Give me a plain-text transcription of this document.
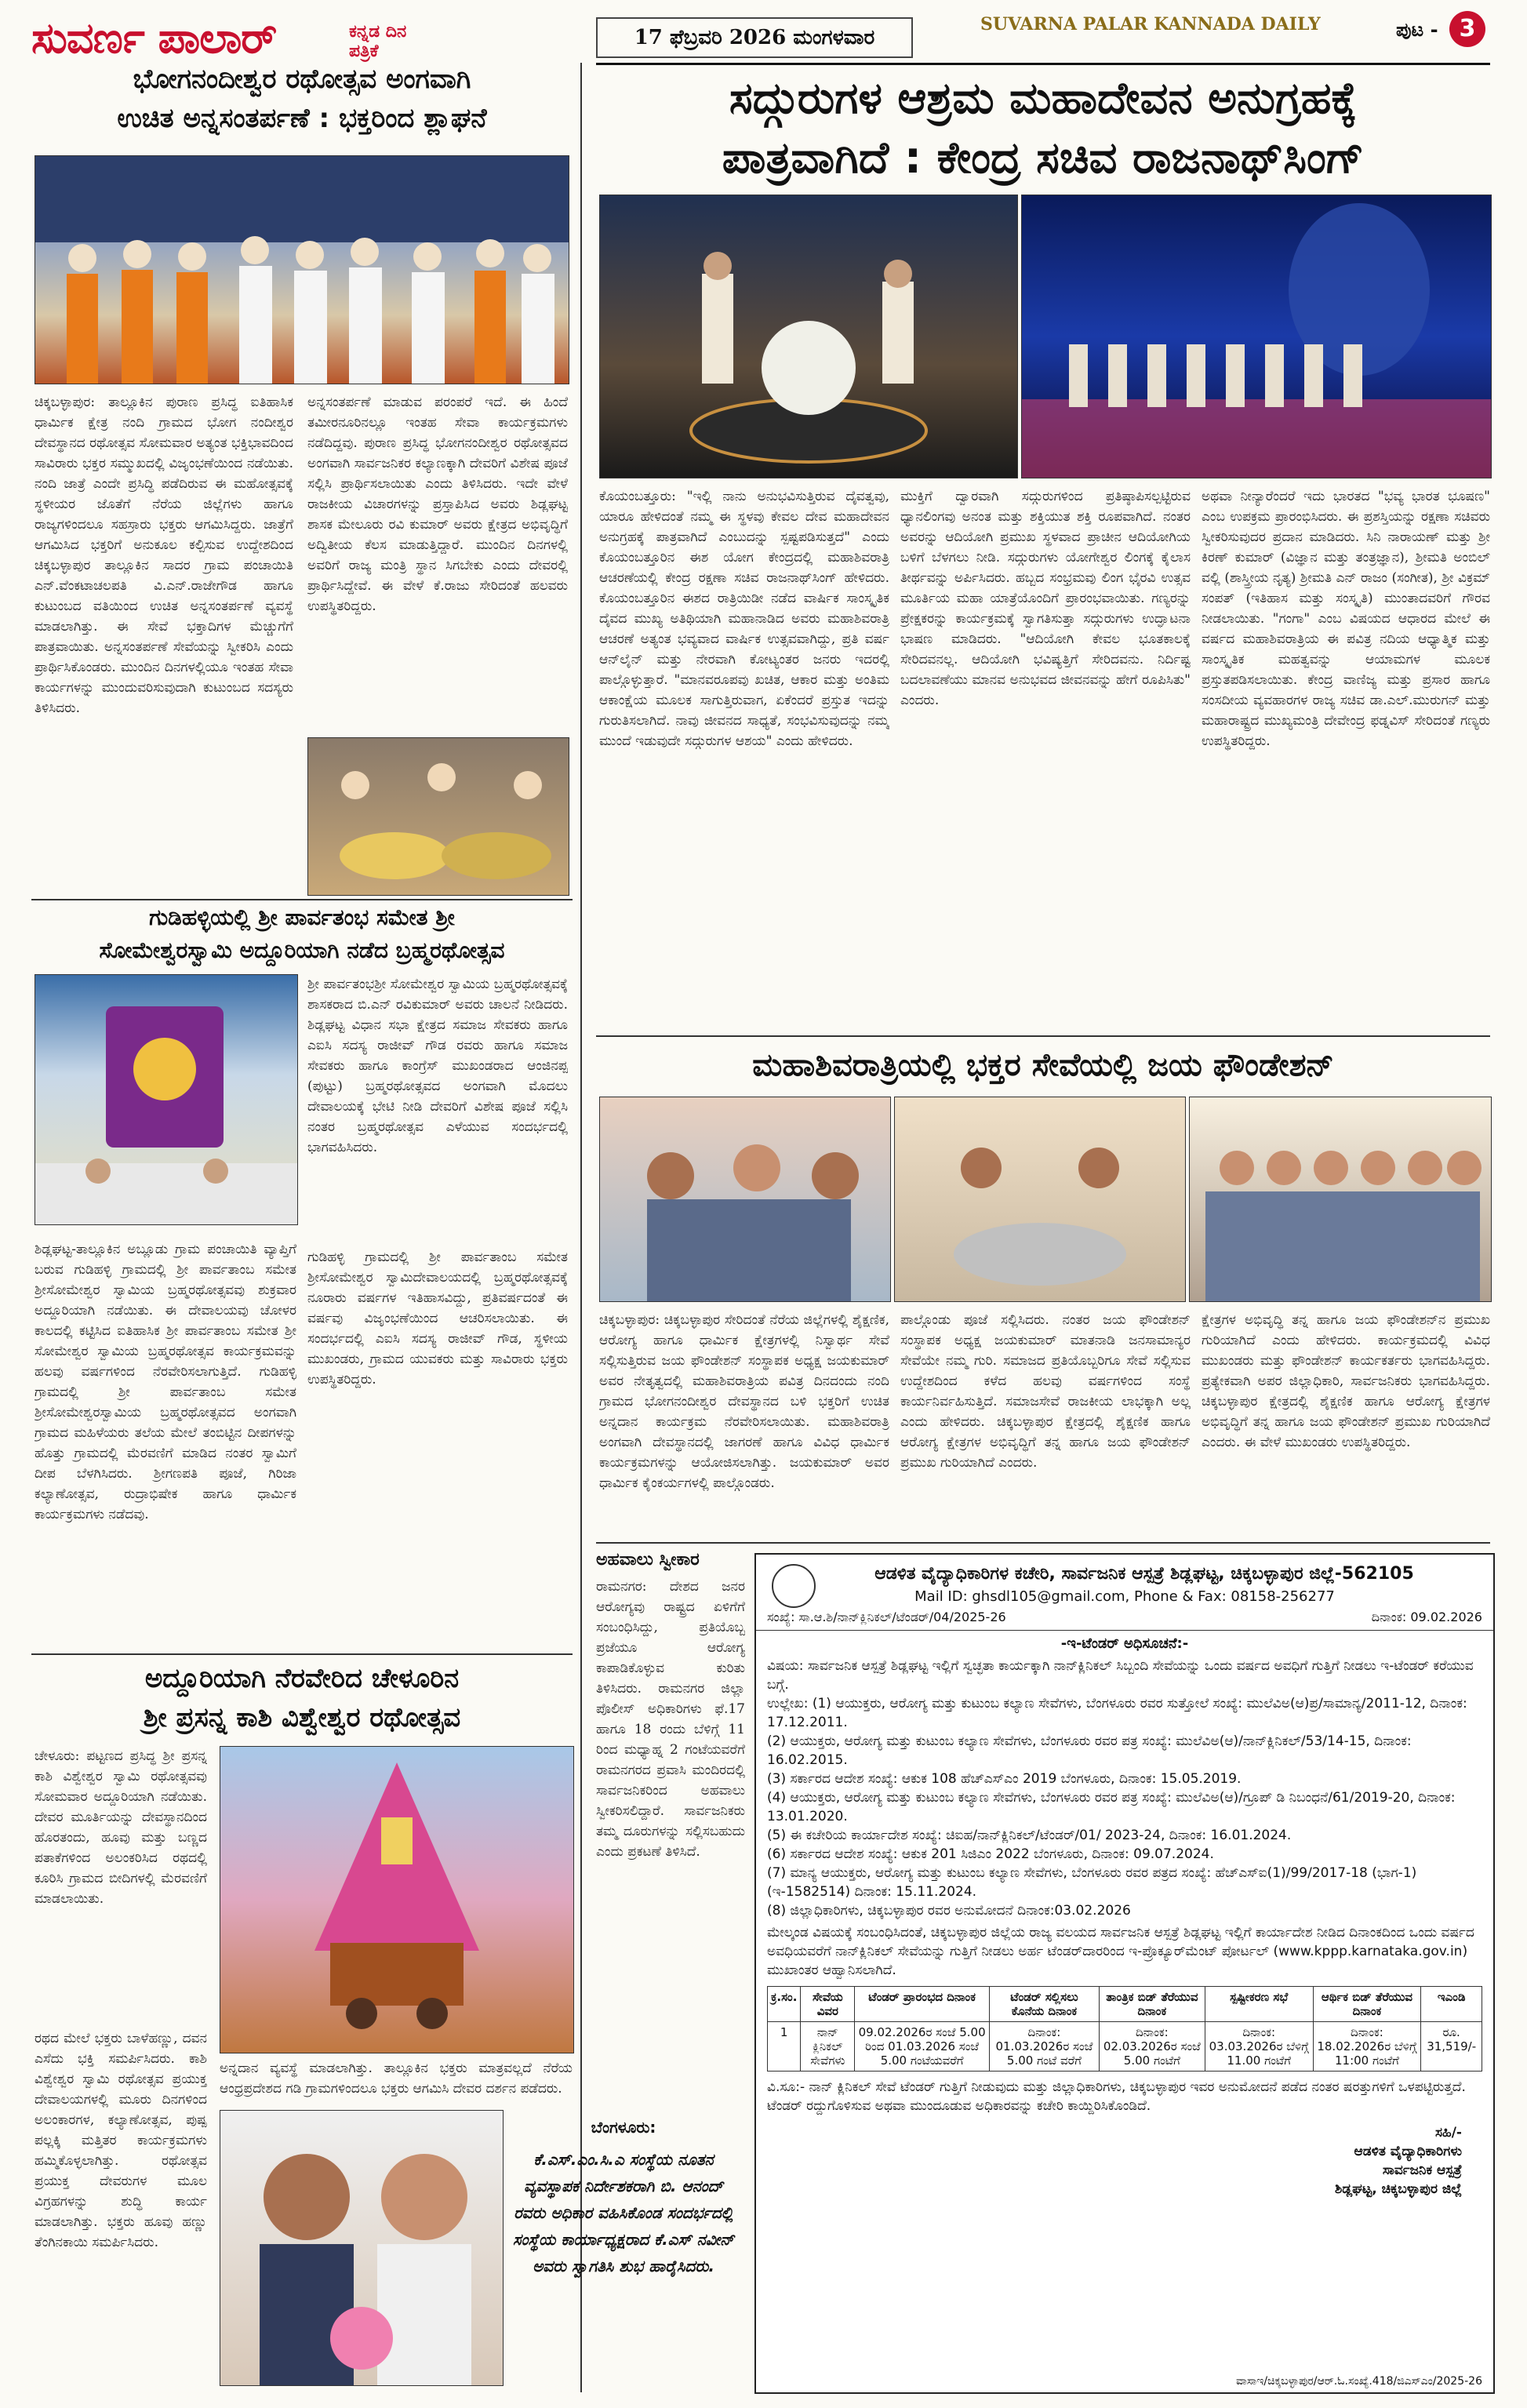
ಸುವರ್ಣ ಪಾಲಾರ್	ಕನ್ನಡ ದಿನ ಪತ್ರಿಕೆ
17 ಫೆಬ್ರವರಿ 2026 ಮಂಗಳವಾರ
SUVARNA PALAR KANNADA DAILY	ಪುಟ - 3
ಭೋಗನಂದೀಶ್ವರ ರಥೋತ್ಸವ ಅಂಗವಾಗಿ
ಉಚಿತ ಅನ್ನಸಂತರ್ಪಣೆ : ಭಕ್ತರಿಂದ ಶ್ಲಾಘನೆ
ಚಿಕ್ಕಬಳ್ಳಾಪುರ: ತಾಲ್ಲೂಕಿನ ಪುರಾಣ ಪ್ರಸಿದ್ಧ ಐತಿಹಾಸಿಕ ಧಾರ್ಮಿಕ ಕ್ಷೇತ್ರ ನಂದಿ ಗ್ರಾಮದ ಭೋಗ ನಂದೀಶ್ವರ ದೇವಸ್ಥಾನದ ರಥೋತ್ಸವ ಸೋಮವಾರ ಅತ್ಯಂತ ಭಕ್ತಿಭಾವದಿಂದ ಸಾವಿರಾರು ಭಕ್ತರ ಸಮ್ಮುಖದಲ್ಲಿ ವಿಜೃಂಭಣೆಯಿಂದ ನಡೆಯಿತು. ನಂದಿ ಜಾತ್ರೆ ಎಂದೇ ಪ್ರಸಿದ್ಧಿ ಪಡೆದಿರುವ ಈ ಮಹೋತ್ಸವಕ್ಕೆ ಸ್ಥಳೀಯರ ಜೊತೆಗೆ ನೆರೆಯ ಜಿಲ್ಲೆಗಳು ಹಾಗೂ ರಾಜ್ಯಗಳಿಂದಲೂ ಸಹಸ್ರಾರು ಭಕ್ತರು ಆಗಮಿಸಿದ್ದರು. ಜಾತ್ರೆಗೆ ಆಗಮಿಸಿದ ಭಕ್ತರಿಗೆ ಅನುಕೂಲ ಕಲ್ಪಿಸುವ ಉದ್ದೇಶದಿಂದ ಚಿಕ್ಕಬಳ್ಳಾಪುರ ತಾಲ್ಲೂಕಿನ ಸಾದರ ಗ್ರಾಮ ಪಂಚಾಯಿತಿ ಎನ್.ವೆಂಕಟಾಚಲಪತಿ ವಿ.ಎನ್.ರಾಜೇಗೌಡ ಹಾಗೂ ಕುಟುಂಬದ ವತಿಯಿಂದ ಉಚಿತ ಅನ್ನಸಂತರ್ಪಣೆ ವ್ಯವಸ್ಥೆ ಮಾಡಲಾಗಿತ್ತು. ಈ ಸೇವೆ ಭಕ್ತಾದಿಗಳ ಮೆಚ್ಚುಗೆಗೆ ಪಾತ್ರವಾಯಿತು. ಅನ್ನಸಂತರ್ಪಣೆ ಸೇವೆಯನ್ನು ಸ್ವೀಕರಿಸಿ ಎಂದು ಪ್ರಾರ್ಥಿಸಿಕೊಂಡರು. ಮುಂದಿನ ದಿನಗಳಲ್ಲಿಯೂ ಇಂತಹ ಸೇವಾ ಕಾರ್ಯಗಳನ್ನು ಮುಂದುವರಿಸುವುದಾಗಿ ಕುಟುಂಬದ ಸದಸ್ಯರು ತಿಳಿಸಿದರು.
ಅನ್ನಸಂತರ್ಪಣೆ ಮಾಡುವ ಪರಂಪರೆ ಇದೆ. ಈ ಹಿಂದೆ ತಮೀರನೂರಿನಲ್ಲೂ ಇಂತಹ ಸೇವಾ ಕಾರ್ಯಕ್ರಮಗಳು ನಡೆದಿದ್ದವು. ಪುರಾಣ ಪ್ರಸಿದ್ಧ ಭೋಗನಂದೀಶ್ವರ ರಥೋತ್ಸವದ ಅಂಗವಾಗಿ ಸಾರ್ವಜನಿಕರ ಕಲ್ಯಾಣಕ್ಕಾಗಿ ದೇವರಿಗೆ ವಿಶೇಷ ಪೂಜೆ ಸಲ್ಲಿಸಿ ಪ್ರಾರ್ಥಿಸಲಾಯಿತು ಎಂದು ತಿಳಿಸಿದರು. ಇದೇ ವೇಳೆ ರಾಜಕೀಯ ವಿಚಾರಗಳನ್ನು ಪ್ರಸ್ತಾಪಿಸಿದ ಅವರು ಶಿಡ್ಲಘಟ್ಟ ಶಾಸಕ ಮೇಲೂರು ರವಿ ಕುಮಾರ್ ಅವರು ಕ್ಷೇತ್ರದ ಅಭಿವೃದ್ಧಿಗೆ ಅದ್ವಿತೀಯ ಕೆಲಸ ಮಾಡುತ್ತಿದ್ದಾರೆ. ಮುಂದಿನ ದಿನಗಳಲ್ಲಿ ಅವರಿಗೆ ರಾಜ್ಯ ಮಂತ್ರಿ ಸ್ಥಾನ ಸಿಗಬೇಕು ಎಂದು ದೇವರಲ್ಲಿ ಪ್ರಾರ್ಥಿಸಿದ್ದೇವೆ. ಈ ವೇಳೆ ಕೆ.ರಾಜು ಸೇರಿದಂತೆ ಹಲವರು ಉಪಸ್ಥಿತರಿದ್ದರು.
ಗುಡಿಹಳ್ಳಿಯಲ್ಲಿ ಶ್ರೀ ಪಾರ್ವತಂಭ ಸಮೇತ ಶ್ರೀ
ಸೋಮೇಶ್ವರಸ್ವಾಮಿ ಅದ್ದೂರಿಯಾಗಿ ನಡೆದ ಬ್ರಹ್ಮರಥೋತ್ಸವ
ಶ್ರೀ ಪಾರ್ವತಂಭಶ್ರೀ ಸೋಮೇಶ್ವರ ಸ್ವಾಮಿಯ ಬ್ರಹ್ಮರಥೋತ್ಸವಕ್ಕೆ ಶಾಸಕರಾದ ಬಿ.ಎನ್ ರವಿಕುಮಾರ್ ಅವರು ಚಾಲನೆ ನೀಡಿದರು. ಶಿಡ್ಲಘಟ್ಟ ವಿಧಾನ ಸಭಾ ಕ್ಷೇತ್ರದ ಸಮಾಜ ಸೇವಕರು ಹಾಗೂ ಎಐಸಿ ಸದಸ್ಯ ರಾಜೀವ್ ಗೌಡ ರವರು ಹಾಗೂ ಸಮಾಜ ಸೇವಕರು ಹಾಗೂ ಕಾಂಗ್ರೆಸ್ ಮುಖಂಡರಾದ ಆಂಜಿನಪ್ಪ (ಪುಟ್ಟು) ಬ್ರಹ್ಮರಥೋತ್ಸವದ ಅಂಗವಾಗಿ ಮೊದಲು ದೇವಾಲಯಕ್ಕೆ ಭೇಟಿ ನೀಡಿ ದೇವರಿಗೆ ವಿಶೇಷ ಪೂಜೆ ಸಲ್ಲಿಸಿ ನಂತರ ಬ್ರಹ್ಮರಥೋತ್ಸವ ಎಳೆಯುವ ಸಂದರ್ಭದಲ್ಲಿ ಭಾಗವಹಿಸಿದರು.
ಶಿಡ್ಲಘಟ್ಟ-ತಾಲ್ಲೂಕಿನ ಅಬ್ಲೂಡು ಗ್ರಾಮ ಪಂಚಾಯಿತಿ ವ್ಯಾಪ್ತಿಗೆ ಬರುವ ಗುಡಿಹಳ್ಳಿ ಗ್ರಾಮದಲ್ಲಿ ಶ್ರೀ ಪಾರ್ವತಾಂಬ ಸಮೇತ ಶ್ರೀಸೋಮೇಶ್ವರ ಸ್ವಾಮಿಯ ಬ್ರಹ್ಮರಥೋತ್ಸವವು ಶುಕ್ರವಾರ ಅದ್ದೂರಿಯಾಗಿ ನಡೆಯಿತು. ಈ ದೇವಾಲಯವು ಚೋಳರ ಕಾಲದಲ್ಲಿ ಕಟ್ಟಿಸಿದ ಐತಿಹಾಸಿಕ ಶ್ರೀ ಪಾರ್ವತಾಂಬ ಸಮೇತ ಶ್ರೀ ಸೋಮೇಶ್ವರ ಸ್ವಾಮಿಯ ಬ್ರಹ್ಮರಥೋತ್ಸವ ಕಾರ್ಯಕ್ರಮವನ್ನು ಹಲವು ವರ್ಷಗಳಿಂದ ನೆರವೇರಿಸಲಾಗುತ್ತಿದೆ. ಗುಡಿಹಳ್ಳಿ ಗ್ರಾಮದಲ್ಲಿ ಶ್ರೀ ಪಾರ್ವತಾಂಬ ಸಮೇತ ಶ್ರೀಸೋಮೇಶ್ವರಸ್ವಾಮಿಯ ಬ್ರಹ್ಮರಥೋತ್ಸವದ ಅಂಗವಾಗಿ ಗ್ರಾಮದ ಮಹಿಳೆಯರು ತಲೆಯ ಮೇಲೆ ತಂಬಿಟ್ಟಿನ ದೀಪಗಳನ್ನು ಹೊತ್ತು ಗ್ರಾಮದಲ್ಲಿ ಮೆರವಣಿಗೆ ಮಾಡಿದ ನಂತರ ಸ್ವಾಮಿಗೆ ದೀಪ ಬೆಳಗಿಸಿದರು. ಶ್ರೀಗಣಪತಿ ಪೂಜೆ, ಗಿರಿಜಾ ಕಲ್ಯಾಣೋತ್ಸವ, ರುದ್ರಾಭಿಷೇಕ ಹಾಗೂ ಧಾರ್ಮಿಕ ಕಾರ್ಯಕ್ರಮಗಳು ನಡೆದವು.
ಗುಡಿಹಳ್ಳಿ ಗ್ರಾಮದಲ್ಲಿ ಶ್ರೀ ಪಾರ್ವತಾಂಬ ಸಮೇತ ಶ್ರೀಸೋಮೇಶ್ವರ ಸ್ವಾಮಿದೇವಾಲಯದಲ್ಲಿ ಬ್ರಹ್ಮರಥೋತ್ಸವಕ್ಕೆ ನೂರಾರು ವರ್ಷಗಳ ಇತಿಹಾಸವಿದ್ದು, ಪ್ರತಿವರ್ಷದಂತೆ ಈ ವರ್ಷವು ವಿಜೃಂಭಣೆಯಿಂದ ಆಚರಿಸಲಾಯಿತು. ಈ ಸಂದರ್ಭದಲ್ಲಿ ಎಐಸಿ ಸದಸ್ಯ ರಾಜೀವ್ ಗೌಡ, ಸ್ಥಳೀಯ ಮುಖಂಡರು, ಗ್ರಾಮದ ಯುವಕರು ಮತ್ತು ಸಾವಿರಾರು ಭಕ್ತರು ಉಪಸ್ಥಿತರಿದ್ದರು.
ಅದ್ದೂರಿಯಾಗಿ ನೆರವೇರಿದ ಚೇಳೂರಿನ
ಶ್ರೀ ಪ್ರಸನ್ನ ಕಾಶಿ ವಿಶ್ವೇಶ್ವರ ರಥೋತ್ಸವ
ಚೇಳೂರು: ಪಟ್ಟಣದ ಪ್ರಸಿದ್ಧ ಶ್ರೀ ಪ್ರಸನ್ನ ಕಾಶಿ ವಿಶ್ವೇಶ್ವರ ಸ್ವಾಮಿ ರಥೋತ್ಸವವು ಸೋಮವಾರ ಅದ್ದೂರಿಯಾಗಿ ನಡೆಯಿತು. ದೇವರ ಮೂರ್ತಿಯನ್ನು ದೇವಸ್ಥಾನದಿಂದ ಹೊರತಂದು, ಹೂವು ಮತ್ತು ಬಣ್ಣದ ಪತಾಕೆಗಳಿಂದ ಅಲಂಕರಿಸಿದ ರಥದಲ್ಲಿ ಕೂರಿಸಿ ಗ್ರಾಮದ ಬೀದಿಗಳಲ್ಲಿ ಮೆರವಣಿಗೆ ಮಾಡಲಾಯಿತು.
ಅನ್ನದಾನ ವ್ಯವಸ್ಥೆ ಮಾಡಲಾಗಿತ್ತು. ತಾಲ್ಲೂಕಿನ ಭಕ್ತರು ಮಾತ್ರವಲ್ಲದೆ ನೆರೆಯ ಆಂಧ್ರಪ್ರದೇಶದ ಗಡಿ ಗ್ರಾಮಗಳಿಂದಲೂ ಭಕ್ತರು ಆಗಮಿಸಿ ದೇವರ ದರ್ಶನ ಪಡೆದರು.
ರಥದ ಮೇಲೆ ಭಕ್ತರು ಬಾಳೆಹಣ್ಣು, ದವನ ಎಸೆದು ಭಕ್ತಿ ಸಮರ್ಪಿಸಿದರು. ಕಾಶಿ ವಿಶ್ವೇಶ್ವರ ಸ್ವಾಮಿ ರಥೋತ್ಸವ ಪ್ರಯುಕ್ತ ದೇವಾಲಯಗಳಲ್ಲಿ ಮೂರು ದಿನಗಳಿಂದ ಅಲಂಕಾರಗಳ, ಕಲ್ಯಾಣೋತ್ಸವ, ಪುಷ್ಪ ಪಲ್ಲಕ್ಕಿ ಮತ್ತಿತರ ಕಾರ್ಯಕ್ರಮಗಳು ಹಮ್ಮಿಕೊಳ್ಳಲಾಗಿತ್ತು. ರಥೋತ್ಸವ ಪ್ರಯುಕ್ತ ದೇವರುಗಳ ಮೂಲ ವಿಗ್ರಹಗಳನ್ನು ಶುದ್ಧಿ ಕಾರ್ಯ ಮಾಡಲಾಗಿತ್ತು. ಭಕ್ತರು ಹೂವು ಹಣ್ಣು ತೆಂಗಿನಕಾಯಿ ಸಮರ್ಪಿಸಿದರು.
ಸದ್ಗುರುಗಳ ಆಶ್ರಮ ಮಹಾದೇವನ ಅನುಗ್ರಹಕ್ಕೆ
ಪಾತ್ರವಾಗಿದೆ : ಕೇಂದ್ರ ಸಚಿವ ರಾಜನಾಥ್‌ಸಿಂಗ್
ಕೊಯಂಬತ್ತೂರು: "ಇಲ್ಲಿ ನಾನು ಅನುಭವಿಸುತ್ತಿರುವ ದೈವತ್ವವು, ಯಾರೂ ಹೇಳಿದಂತೆ ನಮ್ಮ ಈ ಸ್ಥಳವು ಕೇವಲ ದೇವ ಮಹಾದೇವನ ಅನುಗ್ರಹಕ್ಕೆ ಪಾತ್ರವಾಗಿದೆ ಎಂಬುದನ್ನು ಸ್ಪಷ್ಟಪಡಿಸುತ್ತದೆ" ಎಂದು ಕೊಯಂಬತ್ತೂರಿನ ಈಶ ಯೋಗ ಕೇಂದ್ರದಲ್ಲಿ ಮಹಾಶಿವರಾತ್ರಿ ಆಚರಣೆಯಲ್ಲಿ ಕೇಂದ್ರ ರಕ್ಷಣಾ ಸಚಿವ ರಾಜನಾಥ್‌ಸಿಂಗ್ ಹೇಳಿದರು. ಕೊಯಂಬತ್ತೂರಿನ ಈಶದ ರಾತ್ರಿಯಿಡೀ ನಡೆದ ವಾರ್ಷಿಕ ಸಾಂಸ್ಕೃತಿಕ ದೈವದ ಮುಖ್ಯ ಅತಿಥಿಯಾಗಿ ಮಹಾನಾಡಿದ ಅವರು ಮಹಾಶಿವರಾತ್ರಿ ಆಚರಣೆ ಅತ್ಯಂತ ಭವ್ಯವಾದ ವಾರ್ಷಿಕ ಉತ್ಸವವಾಗಿದ್ದು, ಪ್ರತಿ ವರ್ಷ ಆನ್‌ಲೈನ್ ಮತ್ತು ನೇರವಾಗಿ ಕೋಟ್ಯಂತರ ಜನರು ಇದರಲ್ಲಿ ಪಾಲ್ಗೊಳ್ಳುತ್ತಾರೆ. "ಮಾನವರೂಪವು ಖಚಿತ, ಆಕಾರ ಮತ್ತು ಅಂತಿಮ ಆಕಾಂಕ್ಷೆಯ ಮೂಲಕ ಸಾಗುತ್ತಿರುವಾಗ, ಏಕೆಂದರೆ ಪ್ರಸ್ತುತ ಇದನ್ನು ಗುರುತಿಸಲಾಗಿದೆ. ನಾವು ಜೀವನದ ಸಾಧ್ಯತೆ, ಸಂಭವಿಸುವುದನ್ನು ನಮ್ಮ ಮುಂದೆ ಇಡುವುದೇ ಸದ್ಗುರುಗಳ ಆಶಯ" ಎಂದು ಹೇಳಿದರು.
ಮುಕ್ತಿಗೆ ದ್ವಾರವಾಗಿ ಸದ್ಗುರುಗಳಿಂದ ಪ್ರತಿಷ್ಠಾಪಿಸಲ್ಪಟ್ಟಿರುವ ಧ್ಯಾನಲಿಂಗವು ಅನಂತ ಮತ್ತು ಶಕ್ತಿಯುತ ಶಕ್ತಿ ರೂಪವಾಗಿದೆ. ನಂತರ ಅವರನ್ನು ಆದಿಯೋಗಿ ಪ್ರಮುಖ ಸ್ಥಳವಾದ ಪ್ರಾಚೀನ ಆದಿಯೋಗಿಯ ಬಳಿಗೆ ಬೆಳಗಲು ನೀಡಿ. ಸದ್ಗುರುಗಳು ಯೋಗೇಶ್ವರ ಲಿಂಗಕ್ಕೆ ಕೈಲಾಸ ತೀರ್ಥವನ್ನು ಅರ್ಪಿಸಿದರು. ಹಬ್ಬದ ಸಂಭ್ರಮವು ಲಿಂಗ ಭೈರವಿ ಉತ್ಸವ ಮೂರ್ತಿಯ ಮಹಾ ಯಾತ್ರೆಯೊಂದಿಗೆ ಪ್ರಾರಂಭವಾಯಿತು. ಗಣ್ಯರನ್ನು ಪ್ರೇಕ್ಷಕರನ್ನು ಕಾರ್ಯಕ್ರಮಕ್ಕೆ ಸ್ವಾಗತಿಸುತ್ತಾ ಸದ್ಗುರುಗಳು ಉದ್ಘಾಟನಾ ಭಾಷಣ ಮಾಡಿದರು. "ಆದಿಯೋಗಿ ಕೇವಲ ಭೂತಕಾಲಕ್ಕೆ ಸೇರಿದವನಲ್ಲ. ಆದಿಯೋಗಿ ಭವಿಷ್ಯತ್ತಿಗೆ ಸೇರಿದವನು. ನಿರ್ದಿಷ್ಟ ಬದಲಾವಣೆಯು ಮಾನವ ಅನುಭವದ ಜೀವನವನ್ನು ಹೇಗೆ ರೂಪಿಸಿತು" ಎಂದರು.
ಅಥವಾ ನೀನ್ಯಾರೆಂದರೆ ಇದು ಭಾರತದ "ಭವ್ಯ ಭಾರತ ಭೂಷಣ" ಎಂಬ ಉಪಕ್ರಮ ಪ್ರಾರಂಭಿಸಿದರು. ಈ ಪ್ರಶಸ್ತಿಯನ್ನು ರಕ್ಷಣಾ ಸಚಿವರು ಸ್ವೀಕರಿಸುವುದರ ಪ್ರದಾನ ಮಾಡಿದರು. ಸಿನಿ ನಾರಾಯಣ್ ಮತ್ತು ಶ್ರೀ ಕಿರಣ್ ಕುಮಾರ್ (ವಿಜ್ಞಾನ ಮತ್ತು ತಂತ್ರಜ್ಞಾನ), ಶ್ರೀಮತಿ ಅಂಬಿಲ್ ವಲ್ಲಿ (ಶಾಸ್ತ್ರೀಯ ನೃತ್ಯ) ಶ್ರೀಮತಿ ಎನ್ ರಾಜಂ (ಸಂಗೀತ), ಶ್ರೀ ವಿಕ್ರಮ್ ಸಂಪತ್ (ಇತಿಹಾಸ ಮತ್ತು ಸಂಸ್ಕೃತಿ) ಮುಂತಾದವರಿಗೆ ಗೌರವ ನೀಡಲಾಯಿತು. "ಗಂಗಾ" ಎಂಬ ವಿಷಯದ ಆಧಾರದ ಮೇಲೆ ಈ ವರ್ಷದ ಮಹಾಶಿವರಾತ್ರಿಯ ಈ ಪವಿತ್ರ ನದಿಯ ಆಧ್ಯಾತ್ಮಿಕ ಮತ್ತು ಸಾಂಸ್ಕೃತಿಕ ಮಹತ್ವವನ್ನು ಆಯಾಮಗಳ ಮೂಲಕ ಪ್ರಸ್ತುತಪಡಿಸಲಾಯಿತು. ಕೇಂದ್ರ ವಾಣಿಜ್ಯ ಮತ್ತು ಪ್ರಸಾರ ಹಾಗೂ ಸಂಸದೀಯ ವ್ಯವಹಾರಗಳ ರಾಜ್ಯ ಸಚಿವ ಡಾ.ಎಲ್.ಮುರುಗನ್ ಮತ್ತು ಮಹಾರಾಷ್ಟ್ರದ ಮುಖ್ಯಮಂತ್ರಿ ದೇವೇಂದ್ರ ಫಡ್ನವಿಸ್ ಸೇರಿದಂತೆ ಗಣ್ಯರು ಉಪಸ್ಥಿತರಿದ್ದರು.
ಮಹಾಶಿವರಾತ್ರಿಯಲ್ಲಿ ಭಕ್ತರ ಸೇವೆಯಲ್ಲಿ ಜಯ ಫೌಂಡೇಶನ್
ಚಿಕ್ಕಬಳ್ಳಾಪುರ: ಚಿಕ್ಕಬಳ್ಳಾಪುರ ಸೇರಿದಂತೆ ನೆರೆಯ ಜಿಲ್ಲೆಗಳಲ್ಲಿ ಶೈಕ್ಷಣಿಕ, ಆರೋಗ್ಯ ಹಾಗೂ ಧಾರ್ಮಿಕ ಕ್ಷೇತ್ರಗಳಲ್ಲಿ ನಿಸ್ವಾರ್ಥ ಸೇವೆ ಸಲ್ಲಿಸುತ್ತಿರುವ ಜಯ ಫೌಂಡೇಶನ್ ಸಂಸ್ಥಾಪಕ ಅಧ್ಯಕ್ಷ ಜಯಕುಮಾರ್ ಅವರ ನೇತೃತ್ವದಲ್ಲಿ ಮಹಾಶಿವರಾತ್ರಿಯ ಪವಿತ್ರ ದಿನದಂದು ನಂದಿ ಗ್ರಾಮದ ಭೋಗನಂದೀಶ್ವರ ದೇವಸ್ಥಾನದ ಬಳಿ ಭಕ್ತರಿಗೆ ಉಚಿತ ಅನ್ನದಾನ ಕಾರ್ಯಕ್ರಮ ನೆರವೇರಿಸಲಾಯಿತು. ಮಹಾಶಿವರಾತ್ರಿ ಅಂಗವಾಗಿ ದೇವಸ್ಥಾನದಲ್ಲಿ ಜಾಗರಣೆ ಹಾಗೂ ವಿವಿಧ ಧಾರ್ಮಿಕ ಕಾರ್ಯಕ್ರಮಗಳನ್ನು ಆಯೋಜಿಸಲಾಗಿತ್ತು. ಜಯಕುಮಾರ್ ಅವರ ಧಾರ್ಮಿಕ ಕೈಂಕರ್ಯಗಳಲ್ಲಿ ಪಾಲ್ಗೊಂಡರು.
ಪಾಲ್ಗೊಂಡು ಪೂಜೆ ಸಲ್ಲಿಸಿದರು. ನಂತರ ಜಯ ಫೌಂಡೇಶನ್ ಸಂಸ್ಥಾಪಕ ಅಧ್ಯಕ್ಷ ಜಯಕುಮಾರ್ ಮಾತನಾಡಿ ಜನಸಾಮಾನ್ಯರ ಸೇವೆಯೇ ನಮ್ಮ ಗುರಿ. ಸಮಾಜದ ಪ್ರತಿಯೊಬ್ಬರಿಗೂ ಸೇವೆ ಸಲ್ಲಿಸುವ ಉದ್ದೇಶದಿಂದ ಕಳೆದ ಹಲವು ವರ್ಷಗಳಿಂದ ಸಂಸ್ಥೆ ಕಾರ್ಯನಿರ್ವಹಿಸುತ್ತಿದೆ. ಸಮಾಜಸೇವೆ ರಾಜಕೀಯ ಲಾಭಕ್ಕಾಗಿ ಅಲ್ಲ ಎಂದು ಹೇಳಿದರು. ಚಿಕ್ಕಬಳ್ಳಾಪುರ ಕ್ಷೇತ್ರದಲ್ಲಿ ಶೈಕ್ಷಣಿಕ ಹಾಗೂ ಆರೋಗ್ಯ ಕ್ಷೇತ್ರಗಳ ಅಭಿವೃದ್ಧಿಗೆ ತನ್ನ ಹಾಗೂ ಜಯ ಫೌಂಡೇಶನ್ ಪ್ರಮುಖ ಗುರಿಯಾಗಿದೆ ಎಂದರು.
ಕ್ಷೇತ್ರಗಳ ಅಭಿವೃದ್ಧಿ ತನ್ನ ಹಾಗೂ ಜಯ ಫೌಂಡೇಶನ್‌ನ ಪ್ರಮುಖ ಗುರಿಯಾಗಿದೆ ಎಂದು ಹೇಳಿದರು. ಕಾರ್ಯಕ್ರಮದಲ್ಲಿ ವಿವಿಧ ಮುಖಂಡರು ಮತ್ತು ಫೌಂಡೇಶನ್ ಕಾರ್ಯಕರ್ತರು ಭಾಗವಹಿಸಿದ್ದರು. ಪ್ರತ್ಯೇಕವಾಗಿ ಅಪರ ಜಿಲ್ಲಾಧಿಕಾರಿ, ಸಾರ್ವಜನಿಕರು ಭಾಗವಹಿಸಿದ್ದರು. ಚಿಕ್ಕಬಳ್ಳಾಪುರ ಕ್ಷೇತ್ರದಲ್ಲಿ ಶೈಕ್ಷಣಿಕ ಹಾಗೂ ಆರೋಗ್ಯ ಕ್ಷೇತ್ರಗಳ ಅಭಿವೃದ್ಧಿಗೆ ತನ್ನ ಹಾಗೂ ಜಯ ಫೌಂಡೇಶನ್ ಪ್ರಮುಖ ಗುರಿಯಾಗಿದೆ ಎಂದರು. ಈ ವೇಳೆ ಮುಖಂಡರು ಉಪಸ್ಥಿತರಿದ್ದರು.
ಅಹವಾಲು ಸ್ವೀಕಾರ
ರಾಮನಗರ: ದೇಶದ ಜನರ ಆರೋಗ್ಯವು ರಾಷ್ಟ್ರದ ಏಳಿಗೆಗೆ ಸಂಬಂಧಿಸಿದ್ದು, ಪ್ರತಿಯೊಬ್ಬ ಪ್ರಜೆಯೂ ಆರೋಗ್ಯ ಕಾಪಾಡಿಕೊಳ್ಳುವ ಕುರಿತು ತಿಳಿಸಿದರು. ರಾಮನಗರ ಜಿಲ್ಲಾ ಪೊಲೀಸ್ ಅಧಿಕಾರಿಗಳು ಫೆ.17 ಹಾಗೂ 18 ರಂದು ಬೆಳಿಗ್ಗೆ 11 ರಿಂದ ಮಧ್ಯಾಹ್ನ 2 ಗಂಟೆಯವರೆಗೆ ರಾಮನಗರದ ಪ್ರವಾಸಿ ಮಂದಿರದಲ್ಲಿ ಸಾರ್ವಜನಿಕರಿಂದ ಅಹವಾಲು ಸ್ವೀಕರಿಸಲಿದ್ದಾರೆ. ಸಾರ್ವಜನಿಕರು ತಮ್ಮ ದೂರುಗಳನ್ನು ಸಲ್ಲಿಸಬಹುದು ಎಂದು ಪ್ರಕಟಣೆ ತಿಳಿಸಿದೆ.
ಬೆಂಗಳೂರು:
ಕೆ.ಎಸ್.ಎಂ.ಸಿ.ಎ ಸಂಸ್ಥೆಯ ನೂತನ ವ್ಯವಸ್ಥಾಪಕ ನಿರ್ದೇಶಕರಾಗಿ ಬಿ. ಆನಂದ್ ರವರು ಅಧಿಕಾರ ವಹಿಸಿಕೊಂಡ ಸಂದರ್ಭದಲ್ಲಿ ಸಂಸ್ಥೆಯ ಕಾರ್ಯಾಧ್ಯಕ್ಷರಾದ ಕೆ.ಎಸ್ ನವೀನ್ ಅವರು ಸ್ವಾಗತಿಸಿ ಶುಭ ಹಾರೈಸಿದರು.
ಆಡಳಿತ ವೈದ್ಯಾಧಿಕಾರಿಗಳ ಕಚೇರಿ, ಸಾರ್ವಜನಿಕ ಆಸ್ಪತ್ರೆ ಶಿಡ್ಲಘಟ್ಟ, ಚಿಕ್ಕಬಳ್ಳಾಪುರ ಜಿಲ್ಲೆ-562105
Mail ID: ghsdl105@gmail.com, Phone & Fax: 08158-256277
ಸಂಖ್ಯೆ: ಸಾ.ಆ.ಶಿ/ನಾನ್‌ಕ್ಲಿನಿಕಲ್/ಟೆಂಡರ್/04/2025-26	ದಿನಾಂಕ: 09.02.2026
-ಇ-ಟೆಂಡರ್ ಅಧಿಸೂಚನೆ:-
ವಿಷಯ: ಸಾರ್ವಜನಿಕ ಆಸ್ಪತ್ರೆ ಶಿಡ್ಲಘಟ್ಟ ಇಲ್ಲಿಗೆ ಸ್ವಚ್ಛತಾ ಕಾರ್ಯಕ್ಕಾಗಿ ನಾನ್‌ಕ್ಲಿನಿಕಲ್ ಸಿಬ್ಬಂದಿ ಸೇವೆಯನ್ನು ಒಂದು ವರ್ಷದ ಅವಧಿಗೆ ಗುತ್ತಿಗೆ ನೀಡಲು ಇ-ಟೆಂಡರ್ ಕರೆಯುವ ಬಗ್ಗೆ.
ಉಲ್ಲೇಖ: (1) ಆಯುಕ್ತರು, ಆರೋಗ್ಯ ಮತ್ತು ಕುಟುಂಬ ಕಲ್ಯಾಣ ಸೇವೆಗಳು, ಬೆಂಗಳೂರು ರವರ ಸುತ್ತೋಲೆ ಸಂಖ್ಯೆ: ಮುಲೆವಿಅ(ಆ)ಪ್ರ/ಸಾಮಾನ್ಯ/2011-12, ದಿನಾಂಕ: 17.12.2011.
(2) ಆಯುಕ್ತರು, ಆರೋಗ್ಯ ಮತ್ತು ಕುಟುಂಬ ಕಲ್ಯಾಣ ಸೇವೆಗಳು, ಬೆಂಗಳೂರು ರವರ ಪತ್ರ ಸಂಖ್ಯೆ: ಮುಲೆವಿಅ(ಆ)/ನಾನ್‌ಕ್ಲಿನಿಕಲ್/53/14-15, ದಿನಾಂಕ: 16.02.2015.
(3) ಸರ್ಕಾರದ ಆದೇಶ ಸಂಖ್ಯೆ: ಆಕುಕ 108 ಹೆಚ್‌ಎಸ್‌ಎಂ 2019 ಬೆಂಗಳೂರು, ದಿನಾಂಕ: 15.05.2019.
(4) ಆಯುಕ್ತರು, ಆರೋಗ್ಯ ಮತ್ತು ಕುಟುಂಬ ಕಲ್ಯಾಣ ಸೇವೆಗಳು, ಬೆಂಗಳೂರು ರವರ ಪತ್ರ ಸಂಖ್ಯೆ: ಮುಲೆವಿಅ(ಆ)/ಗ್ರೂಪ್ ಡಿ ನಿಬಂಧನೆ/61/2019-20, ದಿನಾಂಕ: 13.01.2020.
(5) ಈ ಕಚೇರಿಯ ಕಾರ್ಯಾದೇಶ ಸಂಖ್ಯೆ: ಚಿಐಹ/ನಾನ್‌ಕ್ಲಿನಿಕಲ್/ಟೆಂಡರ್/01/ 2023-24, ದಿನಾಂಕ: 16.01.2024.
(6) ಸರ್ಕಾರದ ಆದೇಶ ಸಂಖ್ಯೆ: ಆಕುಕ 201 ಸಿಜಿಎಂ 2022 ಬೆಂಗಳೂರು, ದಿನಾಂಕ: 09.07.2024.
(7) ಮಾನ್ಯ ಆಯುಕ್ತರು, ಆರೋಗ್ಯ ಮತ್ತು ಕುಟುಂಬ ಕಲ್ಯಾಣ ಸೇವೆಗಳು, ಬೆಂಗಳೂರು ರವರ ಪತ್ರದ ಸಂಖ್ಯೆ: ಹೆಚ್‌ಎಸ್‌ಐ(1)/99/2017-18 (ಭಾಗ-1) (ಇ-1582514) ದಿನಾಂಕ: 15.11.2024.
(8) ಜಿಲ್ಲಾಧಿಕಾರಿಗಳು, ಚಿಕ್ಕಬಳ್ಳಾಪುರ ರವರ ಅನುಮೋದನೆ ದಿನಾಂಕ:03.02.2026
ಮೇಲ್ಕಂಡ ವಿಷಯಕ್ಕೆ ಸಂಬಂಧಿಸಿದಂತೆ, ಚಿಕ್ಕಬಳ್ಳಾಪುರ ಜಿಲ್ಲೆಯ ರಾಜ್ಯ ವಲಯದ ಸಾರ್ವಜನಿಕ ಆಸ್ಪತ್ರೆ ಶಿಡ್ಲಘಟ್ಟ ಇಲ್ಲಿಗೆ ಕಾರ್ಯಾದೇಶ ನೀಡಿದ ದಿನಾಂಕದಿಂದ ಒಂದು ವರ್ಷದ ಅವಧಿಯವರೆಗೆ ನಾನ್‌ಕ್ಲಿನಿಕಲ್ ಸೇವೆಯನ್ನು ಗುತ್ತಿಗೆ ನೀಡಲು ಅರ್ಹ ಟೆಂಡರ್‌ದಾರರಿಂದ ಇ-ಪ್ರೊಕ್ಯೂರ್‌ಮೆಂಟ್ ಪೋರ್ಟಲ್ (www.kppp.karnataka.gov.in) ಮುಖಾಂತರ ಆಹ್ವಾನಿಸಲಾಗಿದೆ.
ಕ್ರ.ಸಂ.	ಸೇವೆಯ ವಿವರ	ಟೆಂಡರ್ ಪ್ರಾರಂಭದ ದಿನಾಂಕ	ಟೆಂಡರ್ ಸಲ್ಲಿಸಲು ಕೊನೆಯ ದಿನಾಂಕ	ತಾಂತ್ರಿಕ ಬಿಡ್ ತೆರೆಯುವ ದಿನಾಂಕ	ಸ್ಪಷ್ಟೀಕರಣ ಸಭೆ	ಆರ್ಥಿಕ ಬಿಡ್ ತೆರೆಯುವ ದಿನಾಂಕ	ಇಎಂಡಿ
1	ನಾನ್ ಕ್ಲಿನಿಕಲ್ ಸೇವೆಗಳು	09.02.2026ರ ಸಂಜೆ 5.00 ರಿಂದ 01.03.2026 ಸಂಜೆ 5.00 ಗಂಟೆಯವರೆಗೆ	ದಿನಾಂಕ: 01.03.2026ರ ಸಂಜೆ 5.00 ಗಂಟೆ ವರೆಗೆ	ದಿನಾಂಕ: 02.03.2026ರ ಸಂಜೆ 5.00 ಗಂಟೆಗೆ	ದಿನಾಂಕ: 03.03.2026ರ ಬೆಳಿಗ್ಗೆ 11.00 ಗಂಟೆಗೆ	ದಿನಾಂಕ: 18.02.2026ರ ಬೆಳಿಗ್ಗೆ 11:00 ಗಂಟೆಗೆ	ರೂ. 31,519/-
ವಿ.ಸೂ:- ನಾನ್ ಕ್ಲಿನಿಕಲ್ ಸೇವೆ ಟೆಂಡರ್ ಗುತ್ತಿಗೆ ನೀಡುವುದು ಮತ್ತು ಜಿಲ್ಲಾಧಿಕಾರಿಗಳು, ಚಿಕ್ಕಬಳ್ಳಾಪುರ ಇವರ ಅನುಮೋದನೆ ಪಡೆದ ನಂತರ ಷರತ್ತುಗಳಿಗೆ ಒಳಪಟ್ಟಿರುತ್ತದೆ. ಟೆಂಡರ್ ರದ್ದುಗೊಳಿಸುವ ಅಥವಾ ಮುಂದೂಡುವ ಅಧಿಕಾರವನ್ನು ಕಚೇರಿ ಕಾಯ್ದಿರಿಸಿಕೊಂಡಿದೆ.
ಸಹಿ/-
ಆಡಳಿತ ವೈದ್ಯಾಧಿಕಾರಿಗಳು
ಸಾರ್ವಜನಿಕ ಆಸ್ಪತ್ರೆ
ಶಿಡ್ಲಘಟ್ಟ, ಚಿಕ್ಕಬಳ್ಳಾಪುರ ಜಿಲ್ಲೆ
ವಾಸಾಇ/ಚಿಕ್ಕಬಳ್ಳಾಪುರ/ಆರ್.ಓ.ಸಂಖ್ಯೆ.418/ಜಿಎಸ್‌ಎಂ/2025-26
